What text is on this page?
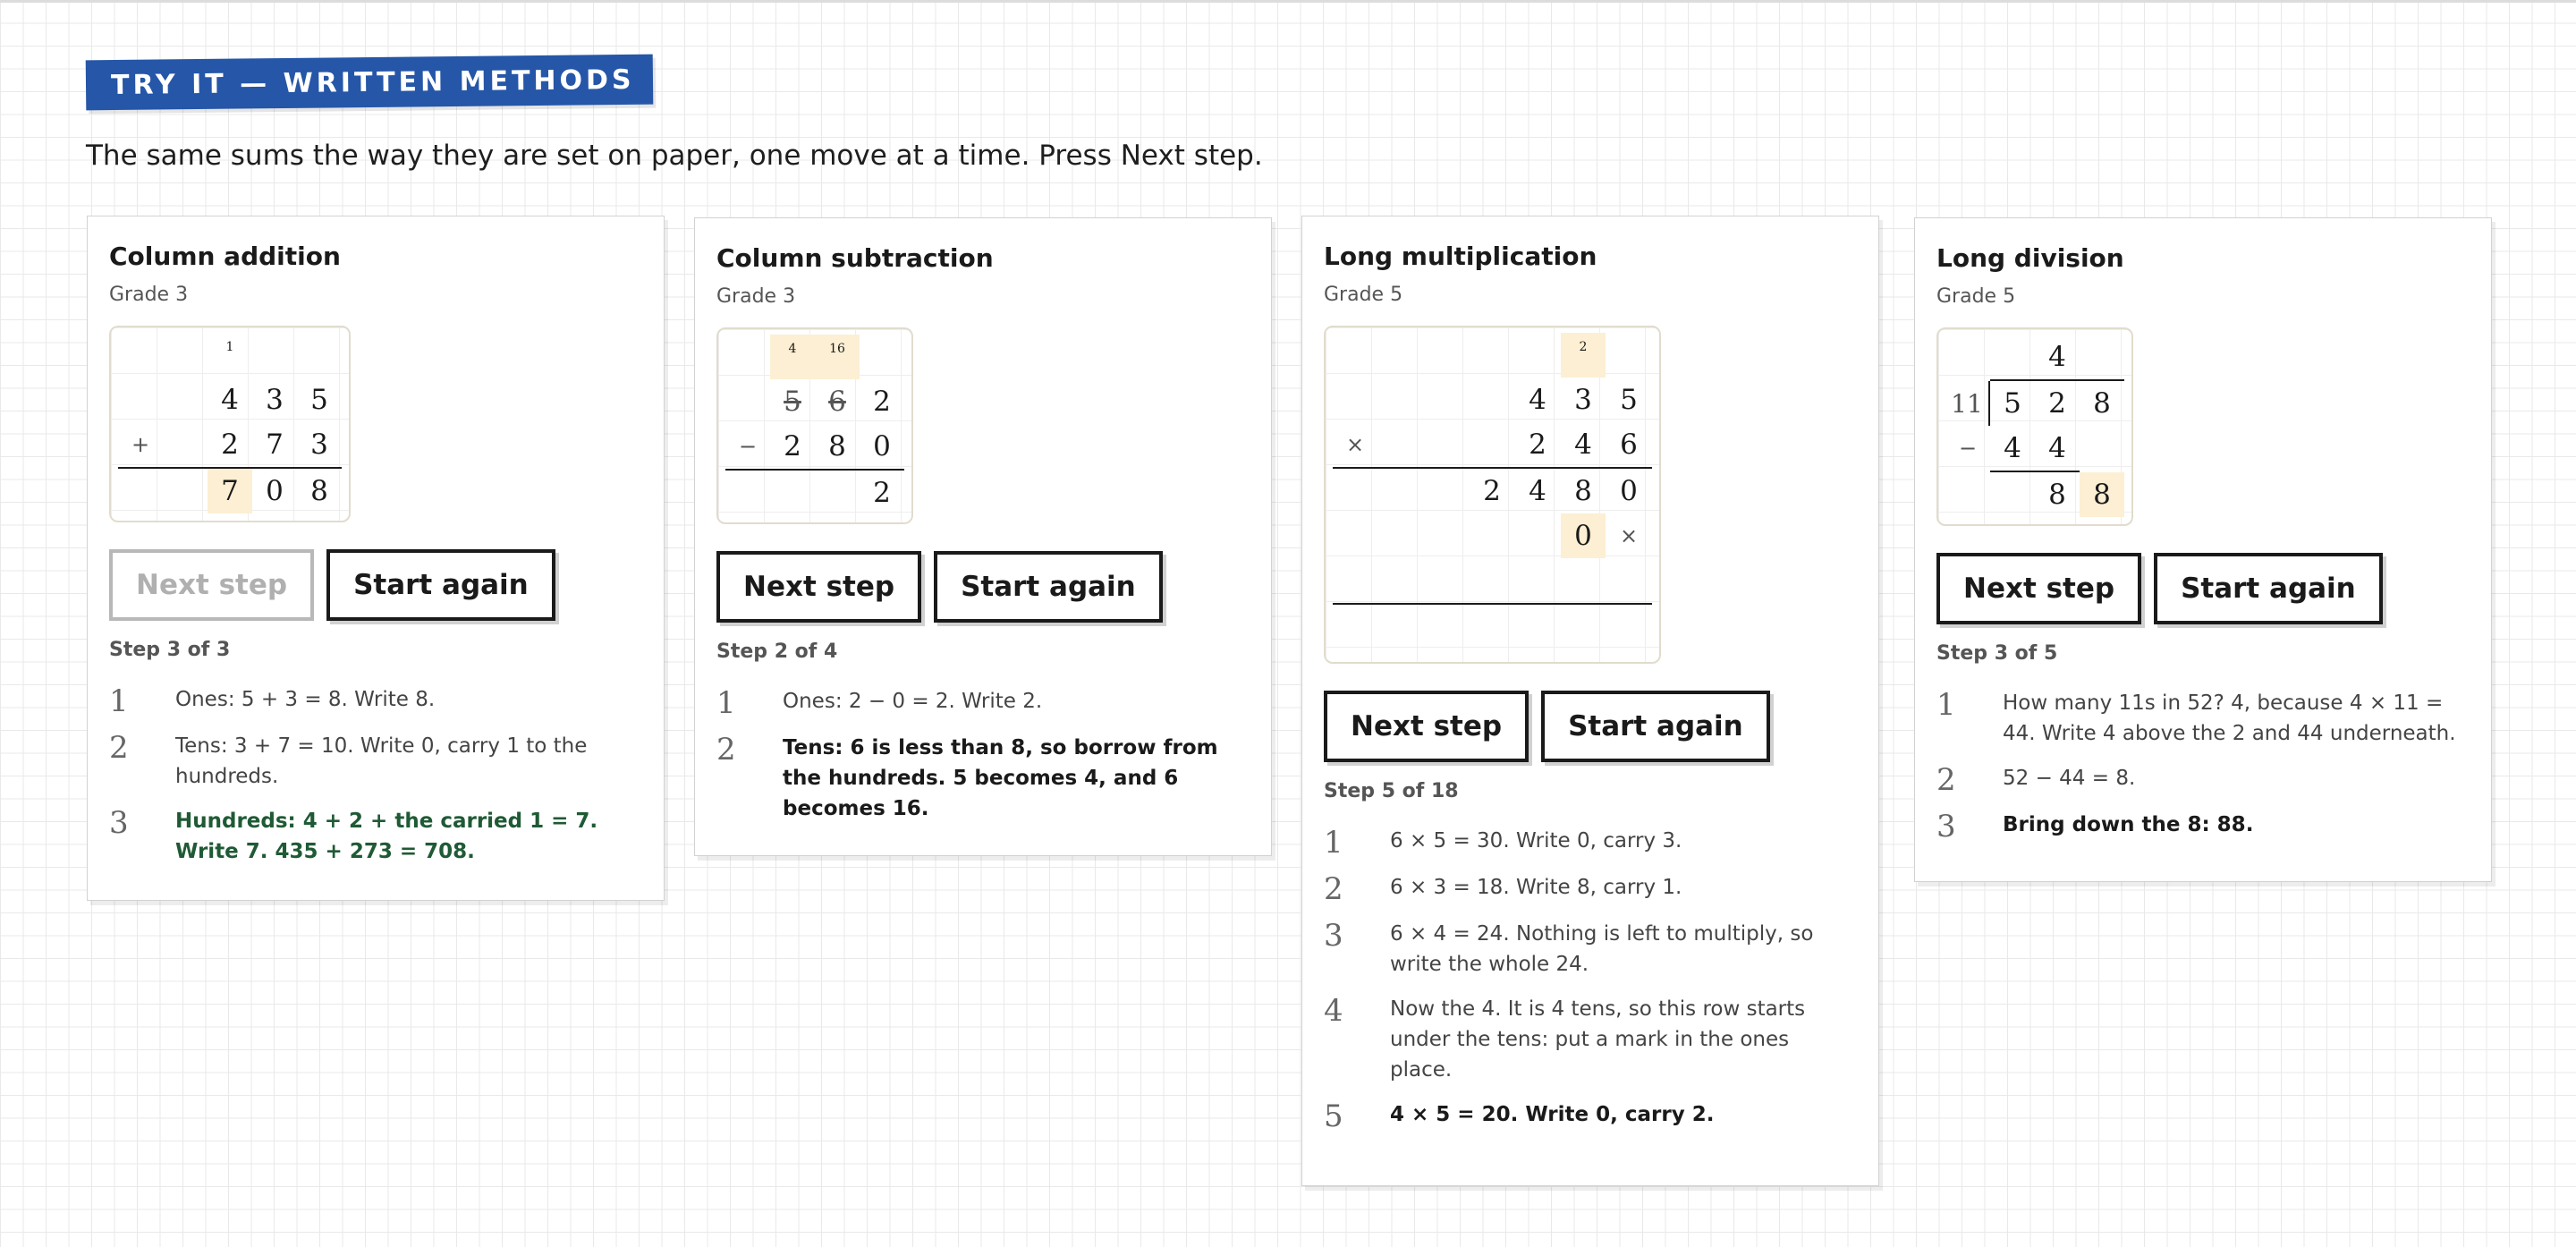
TRY IT — WRITTEN METHODS
The same sums the way they are set on paper, one move at a time. Press Next step.
Column addition
Grade 3
1
4 3 5
+	2 7 3
7 0 8
Next step	Start again
Step 3 of 3
1	Ones: 5 + 3 = 8. Write 8.
2	Tens: 3 + 7 = 10. Write 0, carry 1 to the hundreds.
3	Hundreds: 4 + 2 + the carried 1 = 7. Write 7. 435 + 273 = 708.
Column subtraction
Grade 3
4	16
5 6 2
− 2 8 0
2
Next step	Start again
Step 2 of 4
1	Ones: 2 − 0 = 2. Write 2.
2	Tens: 6 is less than 8, so borrow from the hundreds. 5 becomes 4, and 6 becomes 16.
Long multiplication
Grade 5
2
4	3	5
×	2	4	6
2	4	8	0
0	×
Next step	Start again
Step 5 of 18
1	6 × 5 = 30. Write 0, carry 3.
2	6 × 3 = 18. Write 8, carry 1.
3	6 × 4 = 24. Nothing is left to multiply, so write the whole 24.
4	Now the 4. It is 4 tens, so this row starts under the tens: put a mark in the ones place.
5	4 × 5 = 20. Write 0, carry 2.
Long division
Grade 5
4
11 5 2 8
− 4 4
8 8
Next step	Start again
Step 3 of 5
1	How many 11s in 52? 4, because 4 × 11 = 44. Write 4 above the 2 and 44 underneath.
2	52 − 44 = 8.
3	Bring down the 8: 88.
